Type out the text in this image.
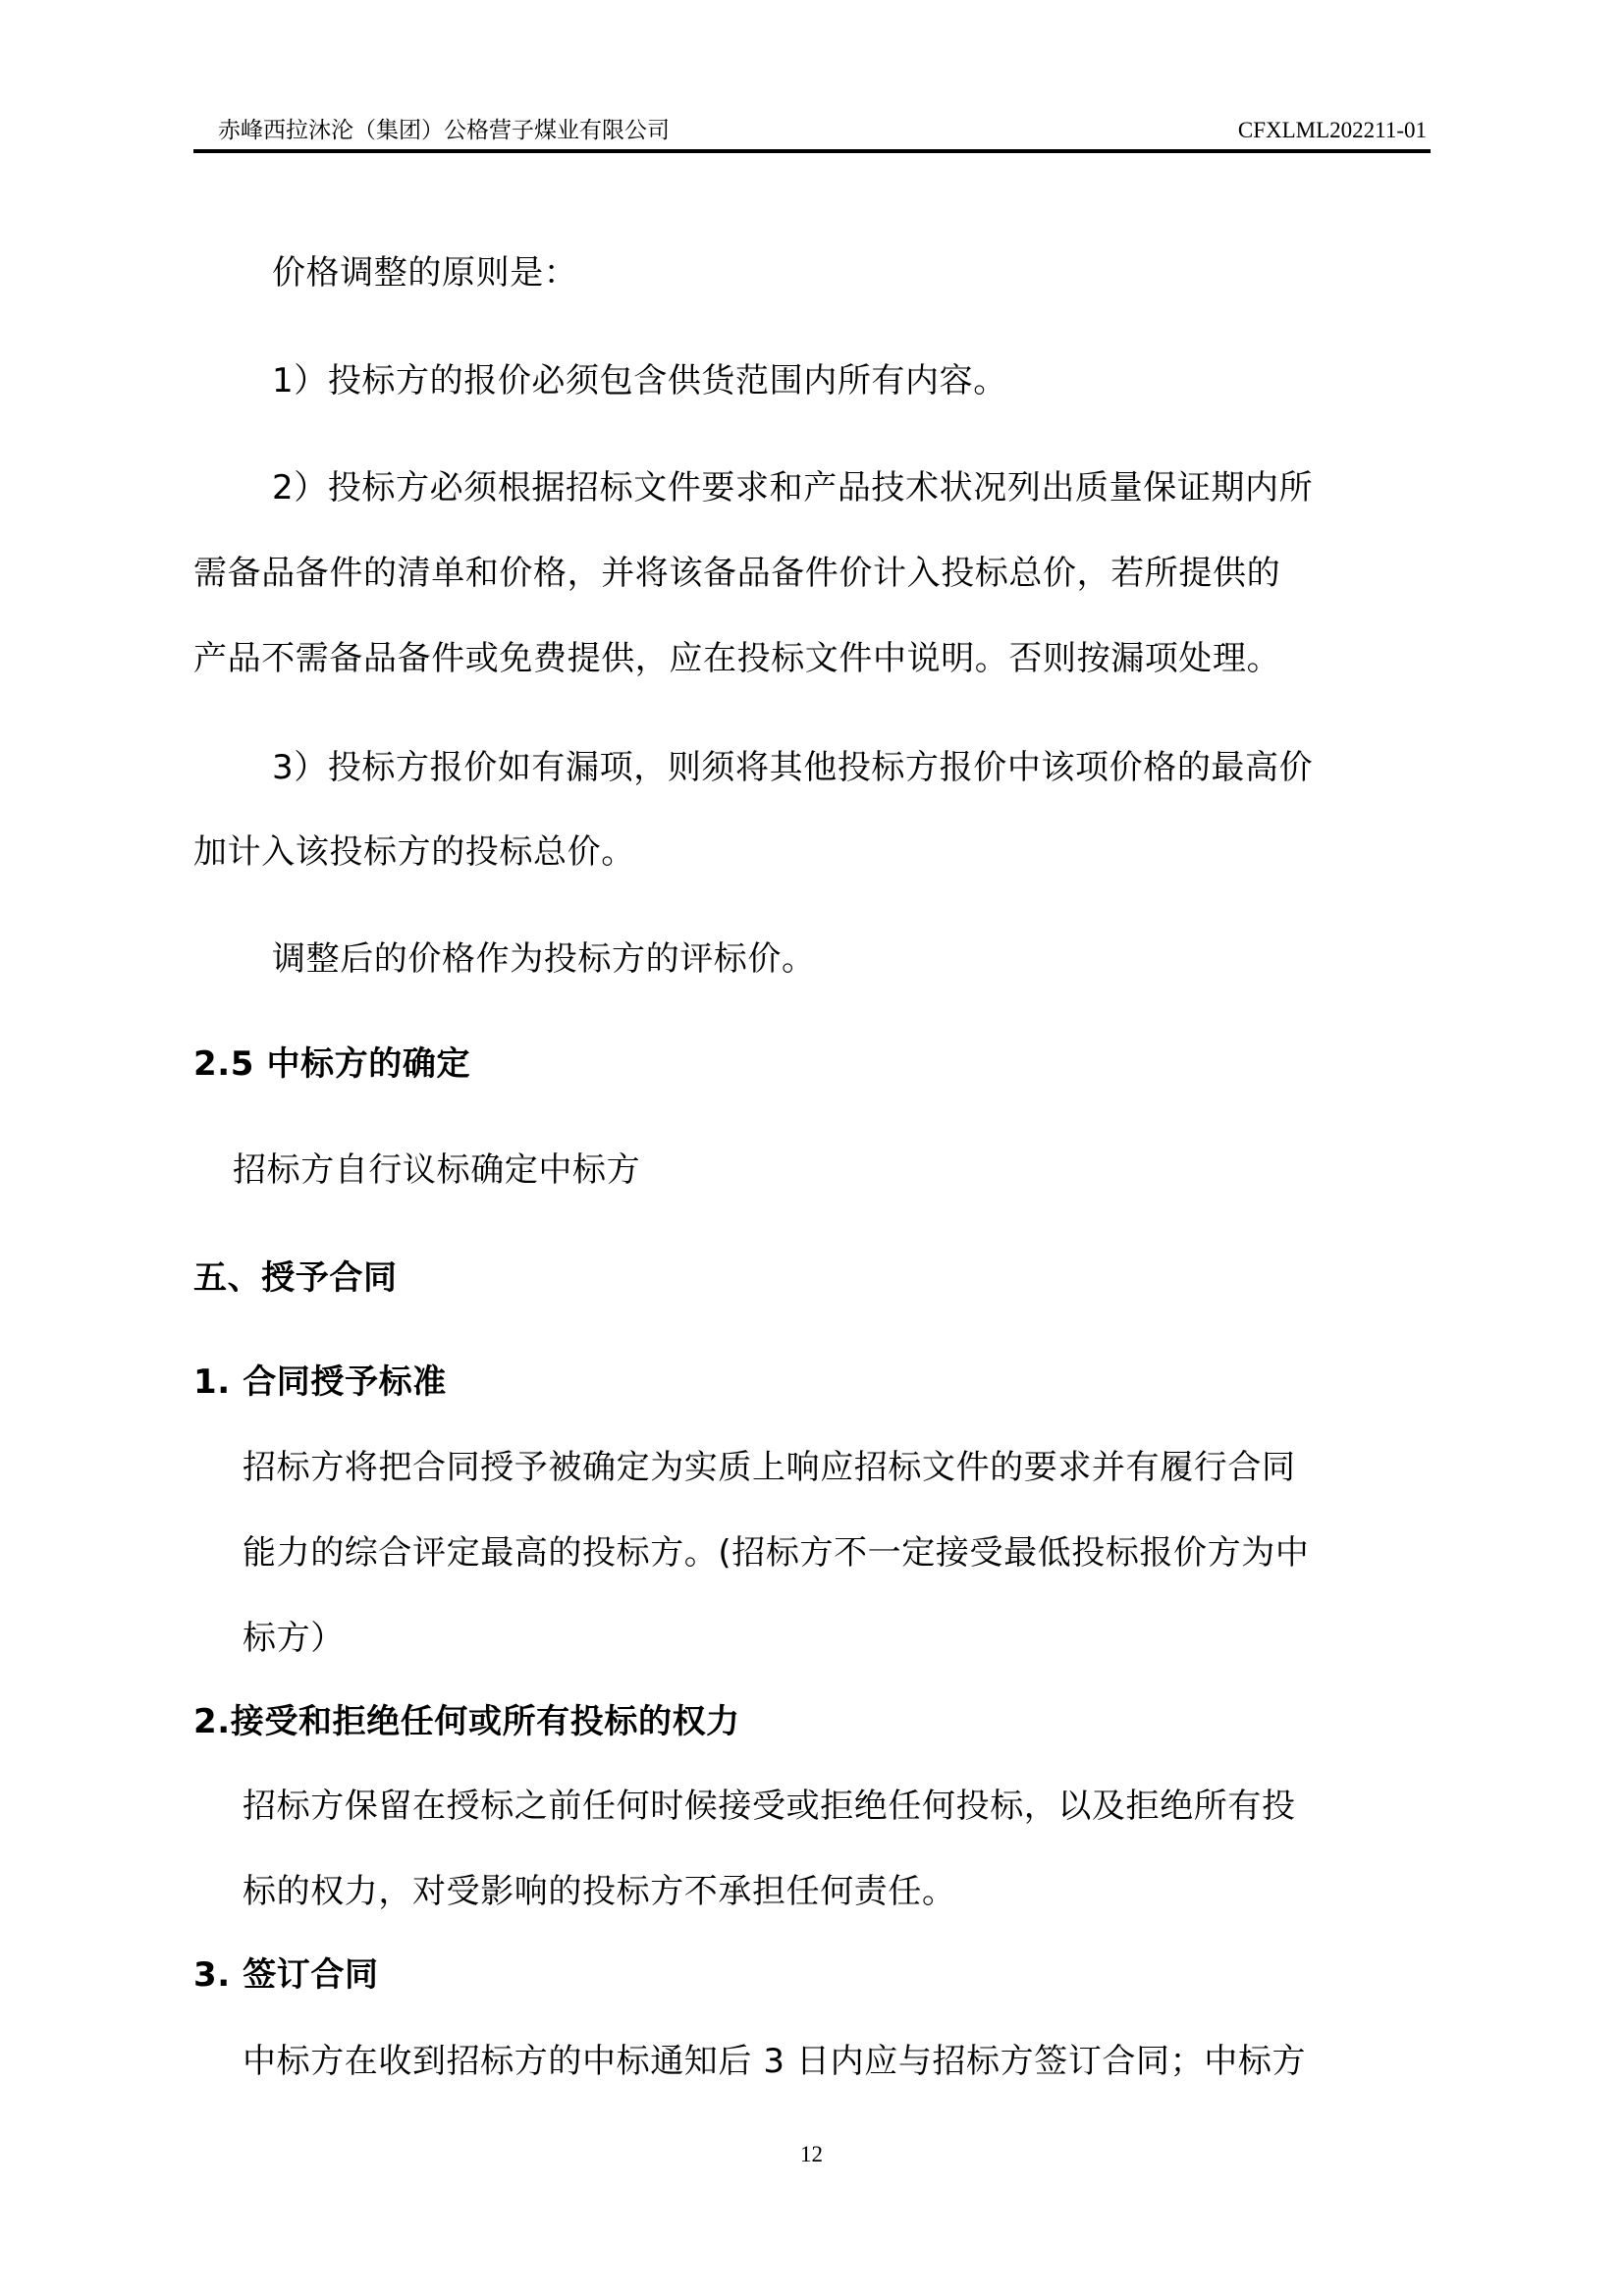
赤峰西拉沐沦（集团）公格营子煤业有限公司	CFXLML202211-01
价格调整的原则是：
1）投标方的报价必须包含供货范围内所有内容。
2）投标方必须根据招标文件要求和产品技术状况列出质量保证期内所
需备品备件的清单和价格，并将该备品备件价计入投标总价，若所提供的
产品不需备品备件或免费提供，应在投标文件中说明。否则按漏项处理。
3）投标方报价如有漏项，则须将其他投标方报价中该项价格的最高价
加计入该投标方的投标总价。
调整后的价格作为投标方的评标价。
2.5 中标方的确定
招标方自行议标确定中标方
五、授予合同
1. 合同授予标准
招标方将把合同授予被确定为实质上响应招标文件的要求并有履行合同
能力的综合评定最高的投标方。(招标方不一定接受最低投标报价方为中
标方）
2.接受和拒绝任何或所有投标的权力
招标方保留在授标之前任何时候接受或拒绝任何投标，以及拒绝所有投
标的权力，对受影响的投标方不承担任何责任。
3. 签订合同
中标方在收到招标方的中标通知后 3 日内应与招标方签订合同；中标方
12
